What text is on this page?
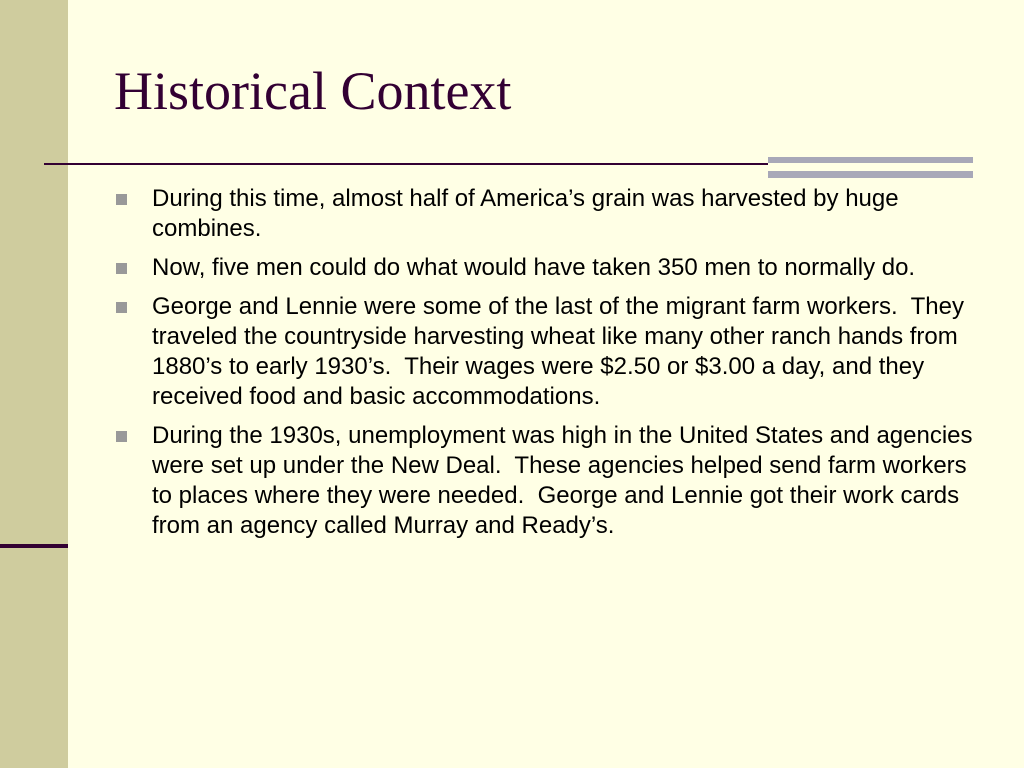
Historical Context
During this time, almost half of America’s grain was harvested by huge combines.
Now, five men could do what would have taken 350 men to normally do.
George and Lennie were some of the last of the migrant farm workers.  They traveled the countryside harvesting wheat like many other ranch hands from 1880’s to early 1930’s.  Their wages were $2.50 or $3.00 a day, and they received food and basic accommodations.
During the 1930s, unemployment was high in the United States and agencies were set up under the New Deal.  These agencies helped send farm workers to places where they were needed.  George and Lennie got their work cards from an agency called Murray and Ready’s.
